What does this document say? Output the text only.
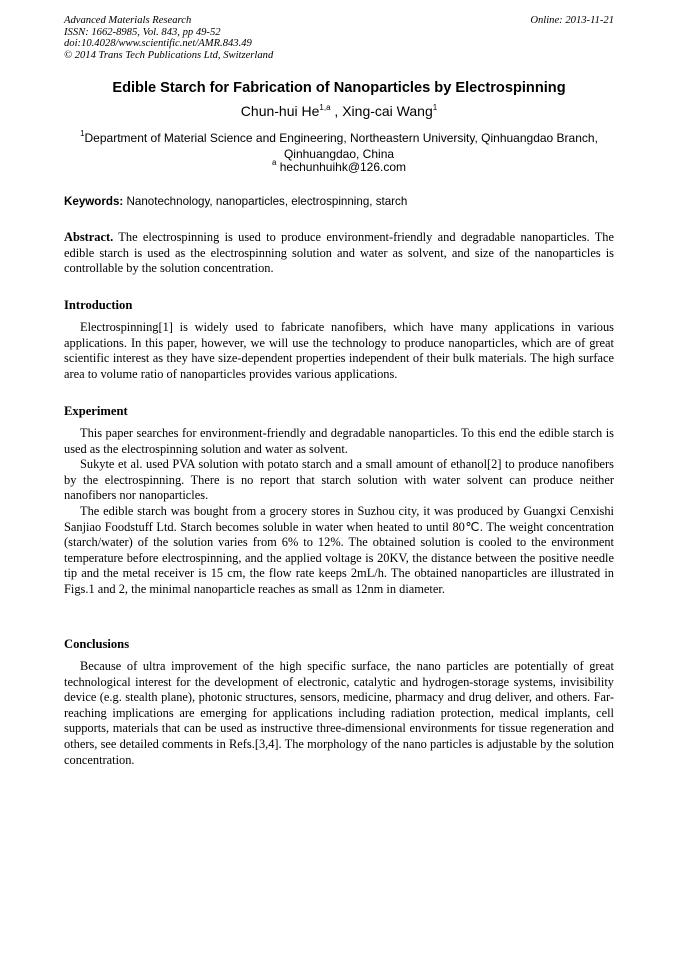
Advanced Materials Research
ISSN: 1662-8985, Vol. 843, pp 49-52
doi:10.4028/www.scientific.net/AMR.843.49
© 2014 Trans Tech Publications Ltd, Switzerland
Online: 2013-11-21
Edible Starch for Fabrication of Nanoparticles by Electrospinning
Chun-hui He$^{1,a}$ , Xing-cai Wang$^1$
$^1$Department of Material Science and Engineering, Northeastern University, Qinhuangdao Branch, Qinhuangdao, China
$^a$ hechunhuihk@126.com
Keywords: Nanotechnology, nanoparticles, electrospinning, starch

Abstract. The electrospinning is used to produce environment-friendly and degradable nanoparticles. The edible starch is used as the electrospinning solution and water as solvent, and size of the nanoparticles is controllable by the solution concentration.

Introduction

Electrospinning[1] is widely used to fabricate nanofibers, which have many applications in various applications. In this paper, however, we will use the technology to produce nanoparticles, which are of great scientific interest as they have size-dependent properties independent of their bulk materials. The high surface area to volume ratio of nanoparticles provides various applications.

Experiment

This paper searches for environment-friendly and degradable nanoparticles. To this end the edible starch is used as the electrospinning solution and water as solvent.

Sukyte et al. used PVA solution with potato starch and a small amount of ethanol[2] to produce nanofibers by the electrospinning. There is no report that starch solution with water solvent can produce neither nanofibers nor nanoparticles.

The edible starch was bought from a grocery stores in Suzhou city, it was produced by Guangxi Cenxishi Sanjiao Foodstuff Ltd. Starch becomes soluble in water when heated to until 80℃. The weight concentration (starch/water) of the solution varies from 6% to 12%. The obtained solution is cooled to the environment temperature before electrospinning, and the applied voltage is 20KV, the distance between the positive needle tip and the metal receiver is 15 cm, the flow rate keeps 2mL/h. The obtained nanoparticles are illustrated in Figs.1 and 2, the minimal nanoparticle reaches as small as 12nm in diameter.

Conclusions

Because of ultra improvement of the high specific surface, the nano particles are potentially of great technological interest for the development of electronic, catalytic and hydrogen-storage systems, invisibility device (e.g. stealth plane), photonic structures, sensors, medicine, pharmacy and drug deliver, and others. Far-reaching implications are emerging for applications including radiation protection, medical implants, cell supports, materials that can be used as instructive three-dimensional environments for tissue regeneration and others, see detailed comments in Refs.[3,4]. The morphology of the nano particles is adjustable by the solution concentration.
